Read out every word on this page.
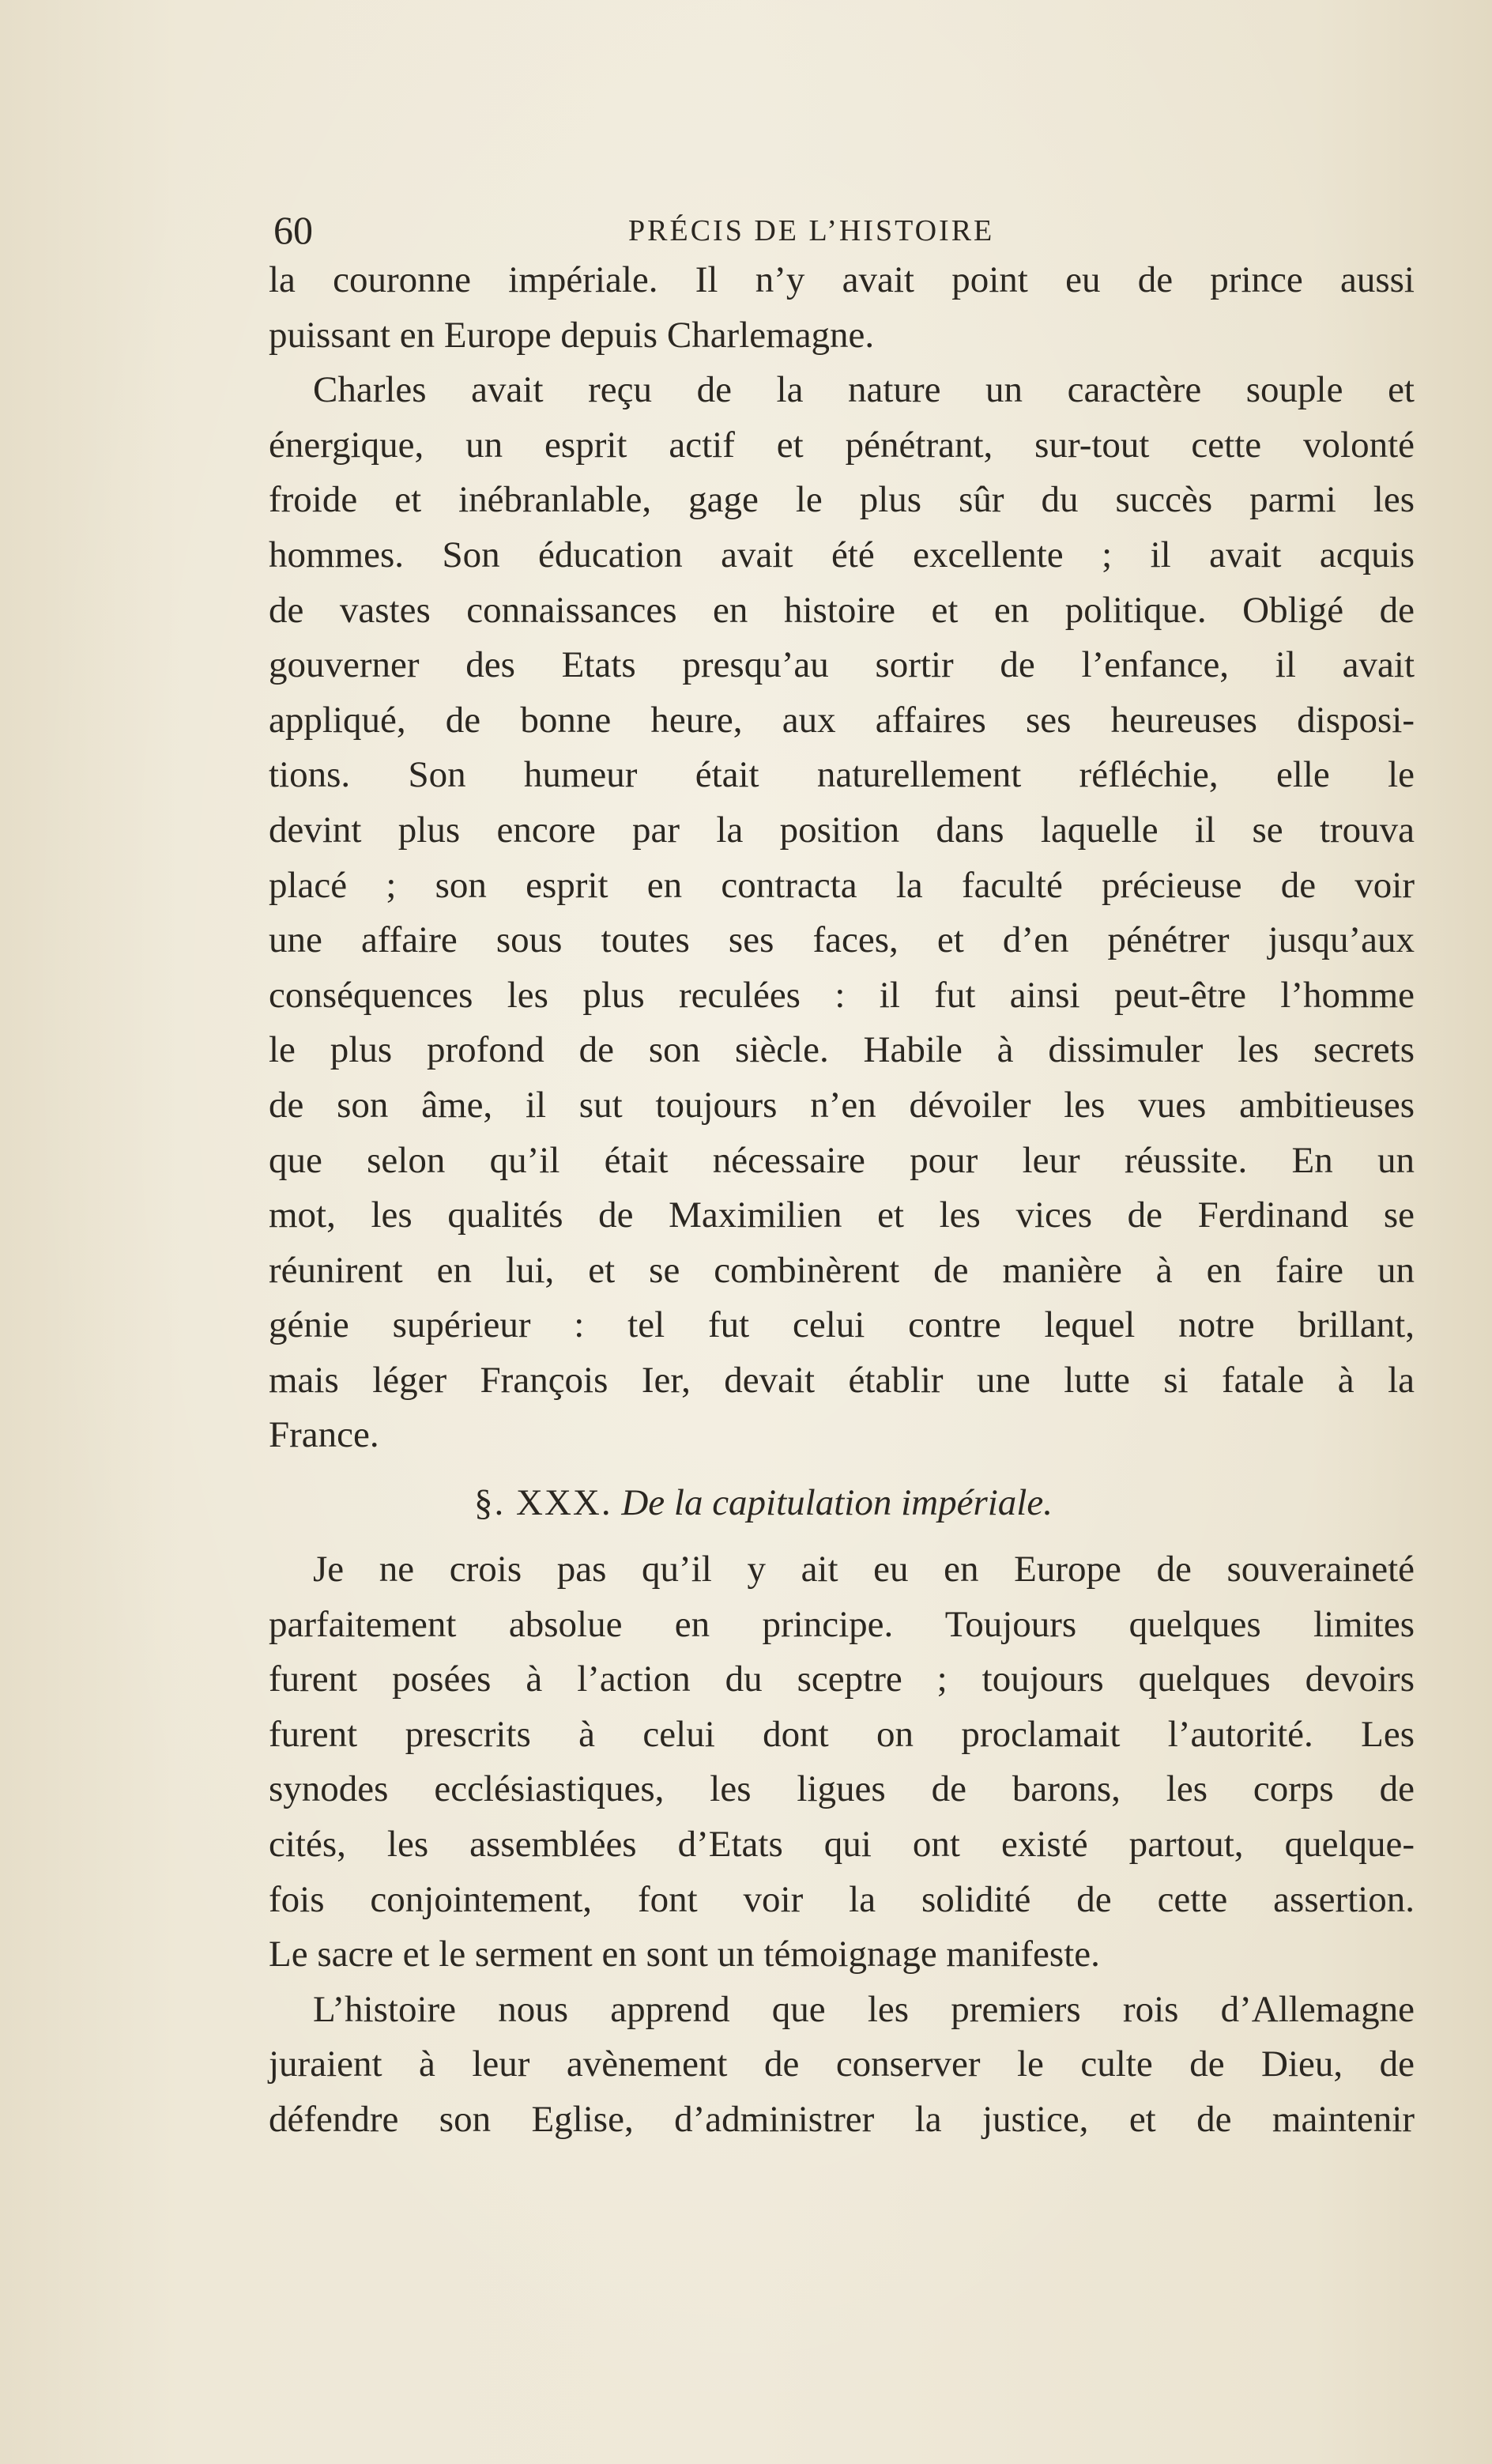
60	PRÉCIS DE L’HISTOIRE
la couronne impériale. Il n’y avait point eu de prince aussi
puissant en Europe depuis Charlemagne.
Charles avait reçu de la nature un caractère souple et
énergique, un esprit actif et pénétrant, sur-tout cette volonté
froide et inébranlable, gage le plus sûr du succès parmi les
hommes. Son éducation avait été excellente ; il avait acquis
de vastes connaissances en histoire et en politique. Obligé de
gouverner des Etats presqu’au sortir de l’enfance, il avait
appliqué, de bonne heure, aux affaires ses heureuses disposi-
tions. Son humeur était naturellement réfléchie, elle le
devint plus encore par la position dans laquelle il se trouva
placé ; son esprit en contracta la faculté précieuse de voir
une affaire sous toutes ses faces, et d’en pénétrer jusqu’aux
conséquences les plus reculées : il fut ainsi peut-être l’homme
le plus profond de son siècle. Habile à dissimuler les secrets
de son âme, il sut toujours n’en dévoiler les vues ambitieuses
que selon qu’il était nécessaire pour leur réussite. En un
mot, les qualités de Maximilien et les vices de Ferdinand se
réunirent en lui, et se combinèrent de manière à en faire un
génie supérieur : tel fut celui contre lequel notre brillant,
mais léger François Ier, devait établir une lutte si fatale à la
France.
§. XXX. De la capitulation impériale.
Je ne crois pas qu’il y ait eu en Europe de souveraineté
parfaitement absolue en principe. Toujours quelques limites
furent posées à l’action du sceptre ; toujours quelques devoirs
furent prescrits à celui dont on proclamait l’autorité. Les
synodes ecclésiastiques, les ligues de barons, les corps de
cités, les assemblées d’Etats qui ont existé partout, quelque-
fois conjointement, font voir la solidité de cette assertion.
Le sacre et le serment en sont un témoignage manifeste.
L’histoire nous apprend que les premiers rois d’Allemagne
juraient à leur avènement de conserver le culte de Dieu, de
défendre son Eglise, d’administrer la justice, et de maintenir
